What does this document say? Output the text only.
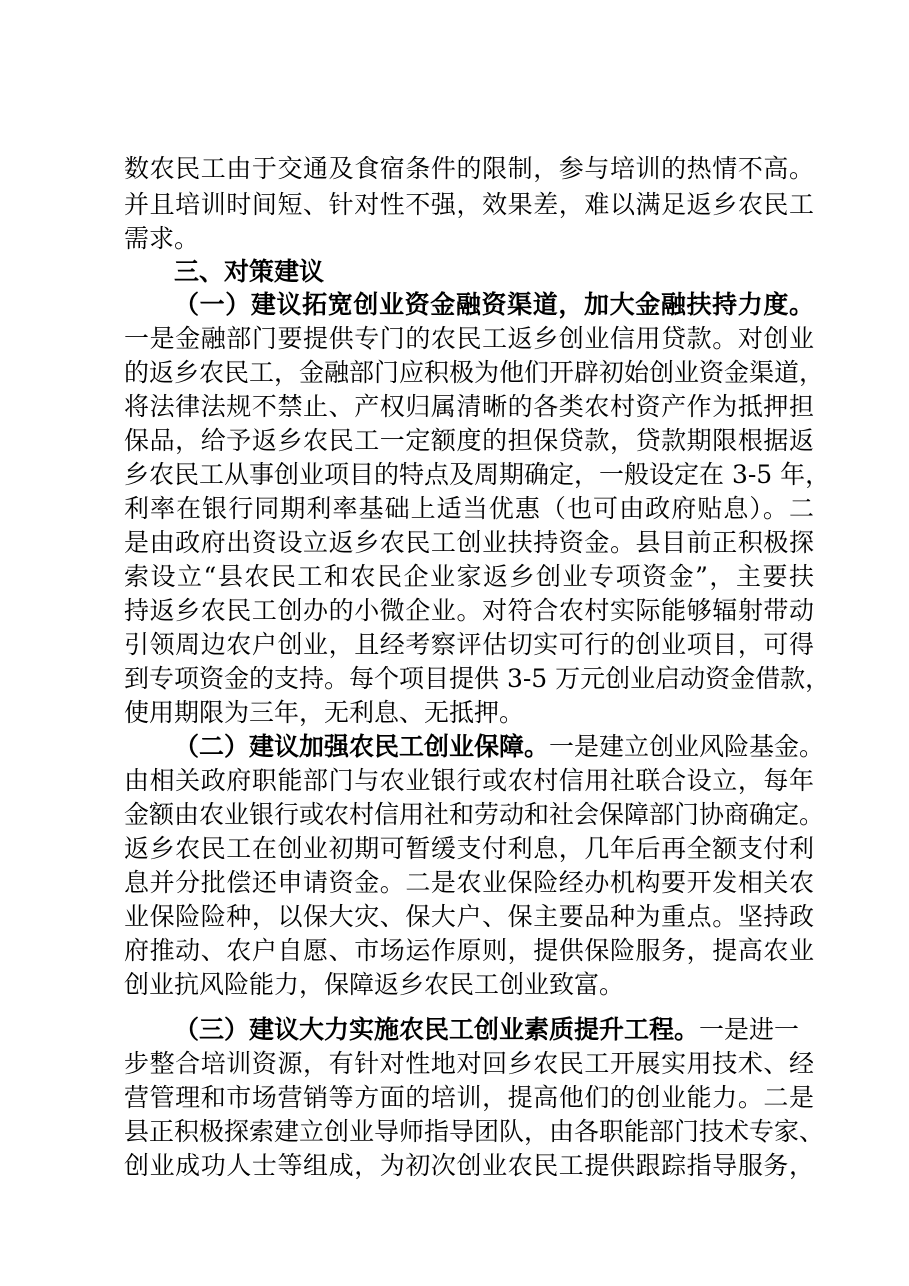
数农民工由于交通及食宿条件的限制，参与培训的热情不高。
并且培训时间短、针对性不强，效果差，难以满足返乡农民工
需求。
三、对策建议
（一）建议拓宽创业资金融资渠道，加大金融扶持力度。
一是金融部门要提供专门的农民工返乡创业信用贷款。对创业
的返乡农民工，金融部门应积极为他们开辟初始创业资金渠道，
将法律法规不禁止、产权归属清晰的各类农村资产作为抵押担
保品，给予返乡农民工一定额度的担保贷款，贷款期限根据返
乡农民工从事创业项目的特点及周期确定，一般设定在 3-5 年，
利率在银行同期利率基础上适当优惠（也可由政府贴息）。二
是由政府出资设立返乡农民工创业扶持资金。县目前正积极探
索设立“县农民工和农民企业家返乡创业专项资金”，主要扶
持返乡农民工创办的小微企业。对符合农村实际能够辐射带动
引领周边农户创业，且经考察评估切实可行的创业项目，可得
到专项资金的支持。每个项目提供 3-5 万元创业启动资金借款，
使用期限为三年，无利息、无抵押。
（二）建议加强农民工创业保障。一是建立创业风险基金。
由相关政府职能部门与农业银行或农村信用社联合设立，每年
金额由农业银行或农村信用社和劳动和社会保障部门协商确定。
返乡农民工在创业初期可暂缓支付利息，几年后再全额支付利
息并分批偿还申请资金。二是农业保险经办机构要开发相关农
业保险险种，以保大灾、保大户、保主要品种为重点。坚持政
府推动、农户自愿、市场运作原则，提供保险服务，提高农业
创业抗风险能力，保障返乡农民工创业致富。
（三）建议大力实施农民工创业素质提升工程。一是进一
步整合培训资源，有针对性地对回乡农民工开展实用技术、经
营管理和市场营销等方面的培训，提高他们的创业能力。二是
县正积极探索建立创业导师指导团队，由各职能部门技术专家、
创业成功人士等组成，为初次创业农民工提供跟踪指导服务，
